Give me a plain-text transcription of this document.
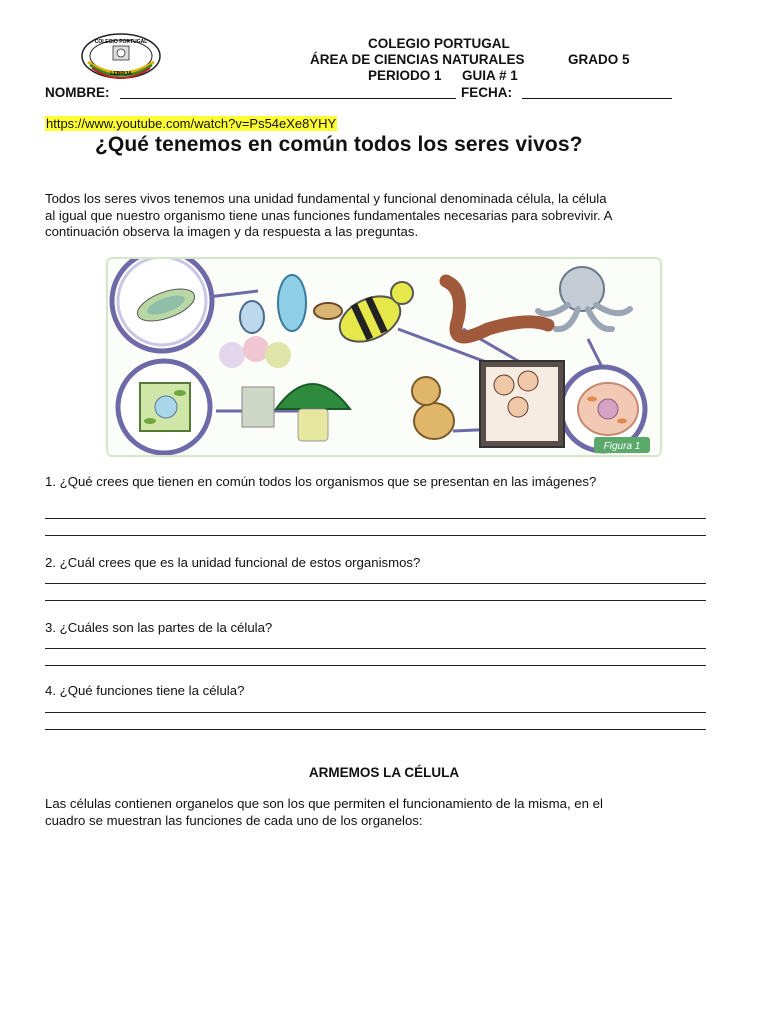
COLEGIO PORTUGAL
LEBRIJA
COLEGIO PORTUGAL
ÁREA DE CIENCIAS NATURALES	GRADO 5
PERIODO 1 GUIA # 1
NOMBRE:	FECHA:
https://www.youtube.com/watch?v=Ps54eXe8YHY
¿Qué tenemos en común todos los seres vivos?
Todos los seres vivos tenemos una unidad fundamental y funcional denominada célula, la célula
al igual que nuestro organismo tiene unas funciones fundamentales necesarias para sobrevivir. A
continuación observa la imagen y da respuesta a las preguntas.
Figura 1
1. ¿Qué crees que tienen en común todos los organismos que se presentan en las imágenes?
2. ¿Cuál crees que es la unidad funcional de estos organismos?
3. ¿Cuáles son las partes de la célula?
4. ¿Qué funciones tiene la célula?
ARMEMOS LA CÉLULA
Las células contienen organelos que son los que permiten el funcionamiento de la misma, en el
cuadro se muestran las funciones de cada uno de los organelos:
